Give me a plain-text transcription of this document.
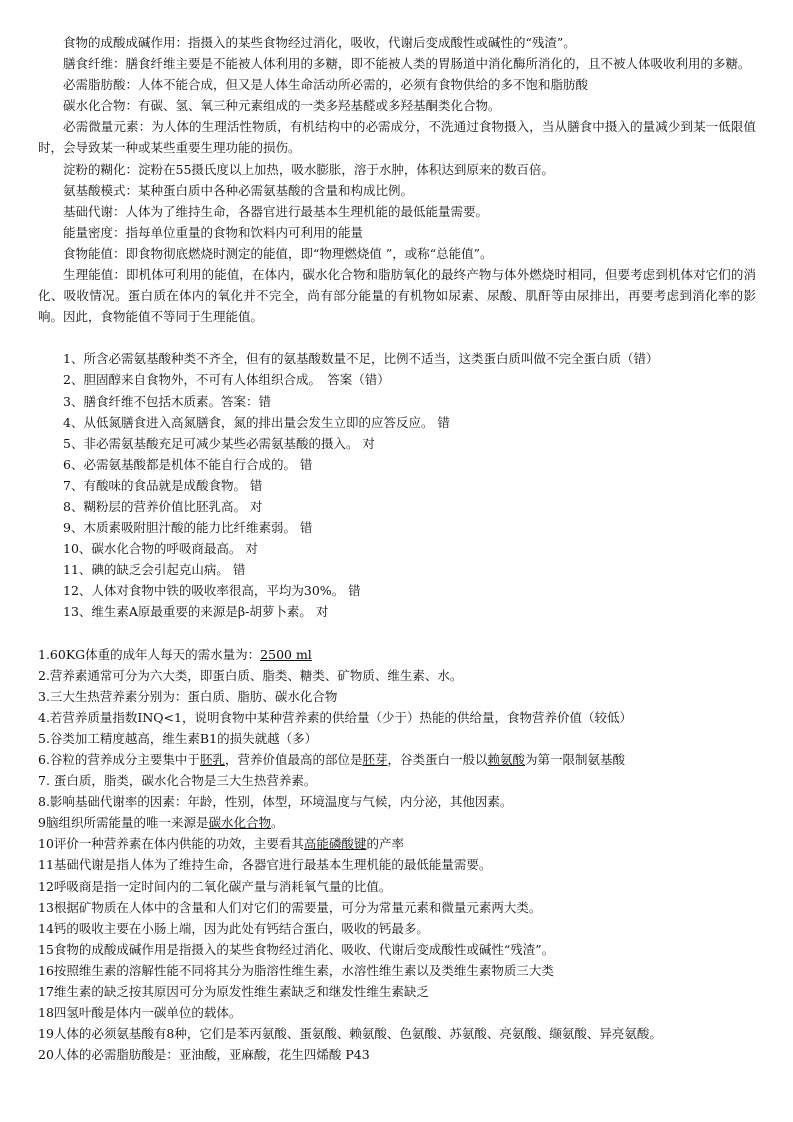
食物的成酸成碱作用：指摄入的某些食物经过消化，吸收，代谢后变成酸性或碱性的“残渣”。

膳食纤维：膳食纤维主要是不能被人体利用的多糖，即不能被人类的胃肠道中消化酶所消化的，且不被人体吸收利用的多糖。

必需脂肪酸：人体不能合成，但又是人体生命活动所必需的，必须有食物供给的多不饱和脂肪酸

碳水化合物：有碳、氢、氧三种元素组成的一类多羟基醛或多羟基酮类化合物。

必需微量元素：为人体的生理活性物质，有机结构中的必需成分，不洗通过食物摄入，当从膳食中摄入的量减少到某一低限值时，会导致某一种或某些重要生理功能的损伤。

淀粉的糊化：淀粉在55摄氏度以上加热，吸水膨胀，溶于水肿，体积达到原来的数百倍。

氨基酸模式：某种蛋白质中各种必需氨基酸的含量和构成比例。

基础代谢：人体为了维持生命，各器官进行最基本生理机能的最低能量需要。

能量密度：指每单位重量的食物和饮料内可利用的能量

食物能值：即食物彻底燃烧时测定的能值，即“物理燃烧值 ”，或称“总能值”。

生理能值：即机体可利用的能值，在体内，碳水化合物和脂肪氧化的最终产物与体外燃烧时相同，但要考虑到机体对它们的消化、吸收情况。蛋白质在体内的氧化并不完全，尚有部分能量的有机物如尿素、尿酸、肌酐等由尿排出，再要考虑到消化率的影响。因此，食物能值不等同于生理能值。

1、所含必需氨基酸种类不齐全，但有的氨基酸数量不足，比例不适当，这类蛋白质叫做不完全蛋白质（错）

2、胆固醇来自食物外，不可有人体组织合成。　答案（错）

3、膳食纤维不包括木质素。答案：错

4、从低氮膳食进入高氮膳食，氮的排出量会发生立即的应答反应。 错

5、非必需氨基酸充足可减少某些必需氨基酸的摄入。 对

6、必需氨基酸都是机体不能自行合成的。 错

7、有酸味的食品就是成酸食物。 错

8、糊粉层的营养价值比胚乳高。 对

9、木质素吸附胆汁酸的能力比纤维素弱。 错

10、碳水化合物的呼吸商最高。 对

11、碘的缺乏会引起克山病。 错

12、人体对食物中铁的吸收率很高，平均为30%。 错

13、维生素A原最重要的来源是β-胡萝卜素。 对

1.60KG体重的成年人每天的需水量为：2500 ml

2.营养素通常可分为六大类，即蛋白质、脂类、糖类、矿物质、维生素、水。

3.三大生热营养素分别为：蛋白质、脂肪、碳水化合物

4.若营养质量指数INQ<1，说明食物中某种营养素的供给量（少于）热能的供给量，食物营养价值（较低）

5.谷类加工精度越高，维生素B1的损失就越（多）

6.谷粒的营养成分主要集中于胚乳，营养价值最高的部位是胚芽，谷类蛋白一般以赖氨酸为第一限制氨基酸

7. 蛋白质，脂类，碳水化合物是三大生热营养素。

8.影响基础代谢率的因素：年龄，性别，体型，环境温度与气候，内分泌，其他因素。

9脑组织所需能量的唯一来源是碳水化合物。

10评价一种营养素在体内供能的功效，主要看其高能磷酸键的产率

11基础代谢是指人体为了维持生命，各器官进行最基本生理机能的最低能量需要。

12呼吸商是指一定时间内的二氧化碳产量与消耗氧气量的比值。

13根据矿物质在人体中的含量和人们对它们的需要量，可分为常量元素和微量元素两大类。

14钙的吸收主要在小肠上端，因为此处有钙结合蛋白，吸收的钙最多。

15食物的成酸成碱作用是指摄入的某些食物经过消化、吸收、代谢后变成酸性或碱性“残渣”。

16按照维生素的溶解性能不同将其分为脂溶性维生素，水溶性维生素以及类维生素物质三大类

17维生素的缺乏按其原因可分为原发性维生素缺乏和继发性维生素缺乏

18四氢叶酸是体内一碳单位的载体。

19人体的必须氨基酸有8种，它们是苯丙氨酸、蛋氨酸、赖氨酸、色氨酸、苏氨酸、亮氨酸、缬氨酸、异亮氨酸。

20人体的必需脂肪酸是：亚油酸，亚麻酸，花生四烯酸 P43
